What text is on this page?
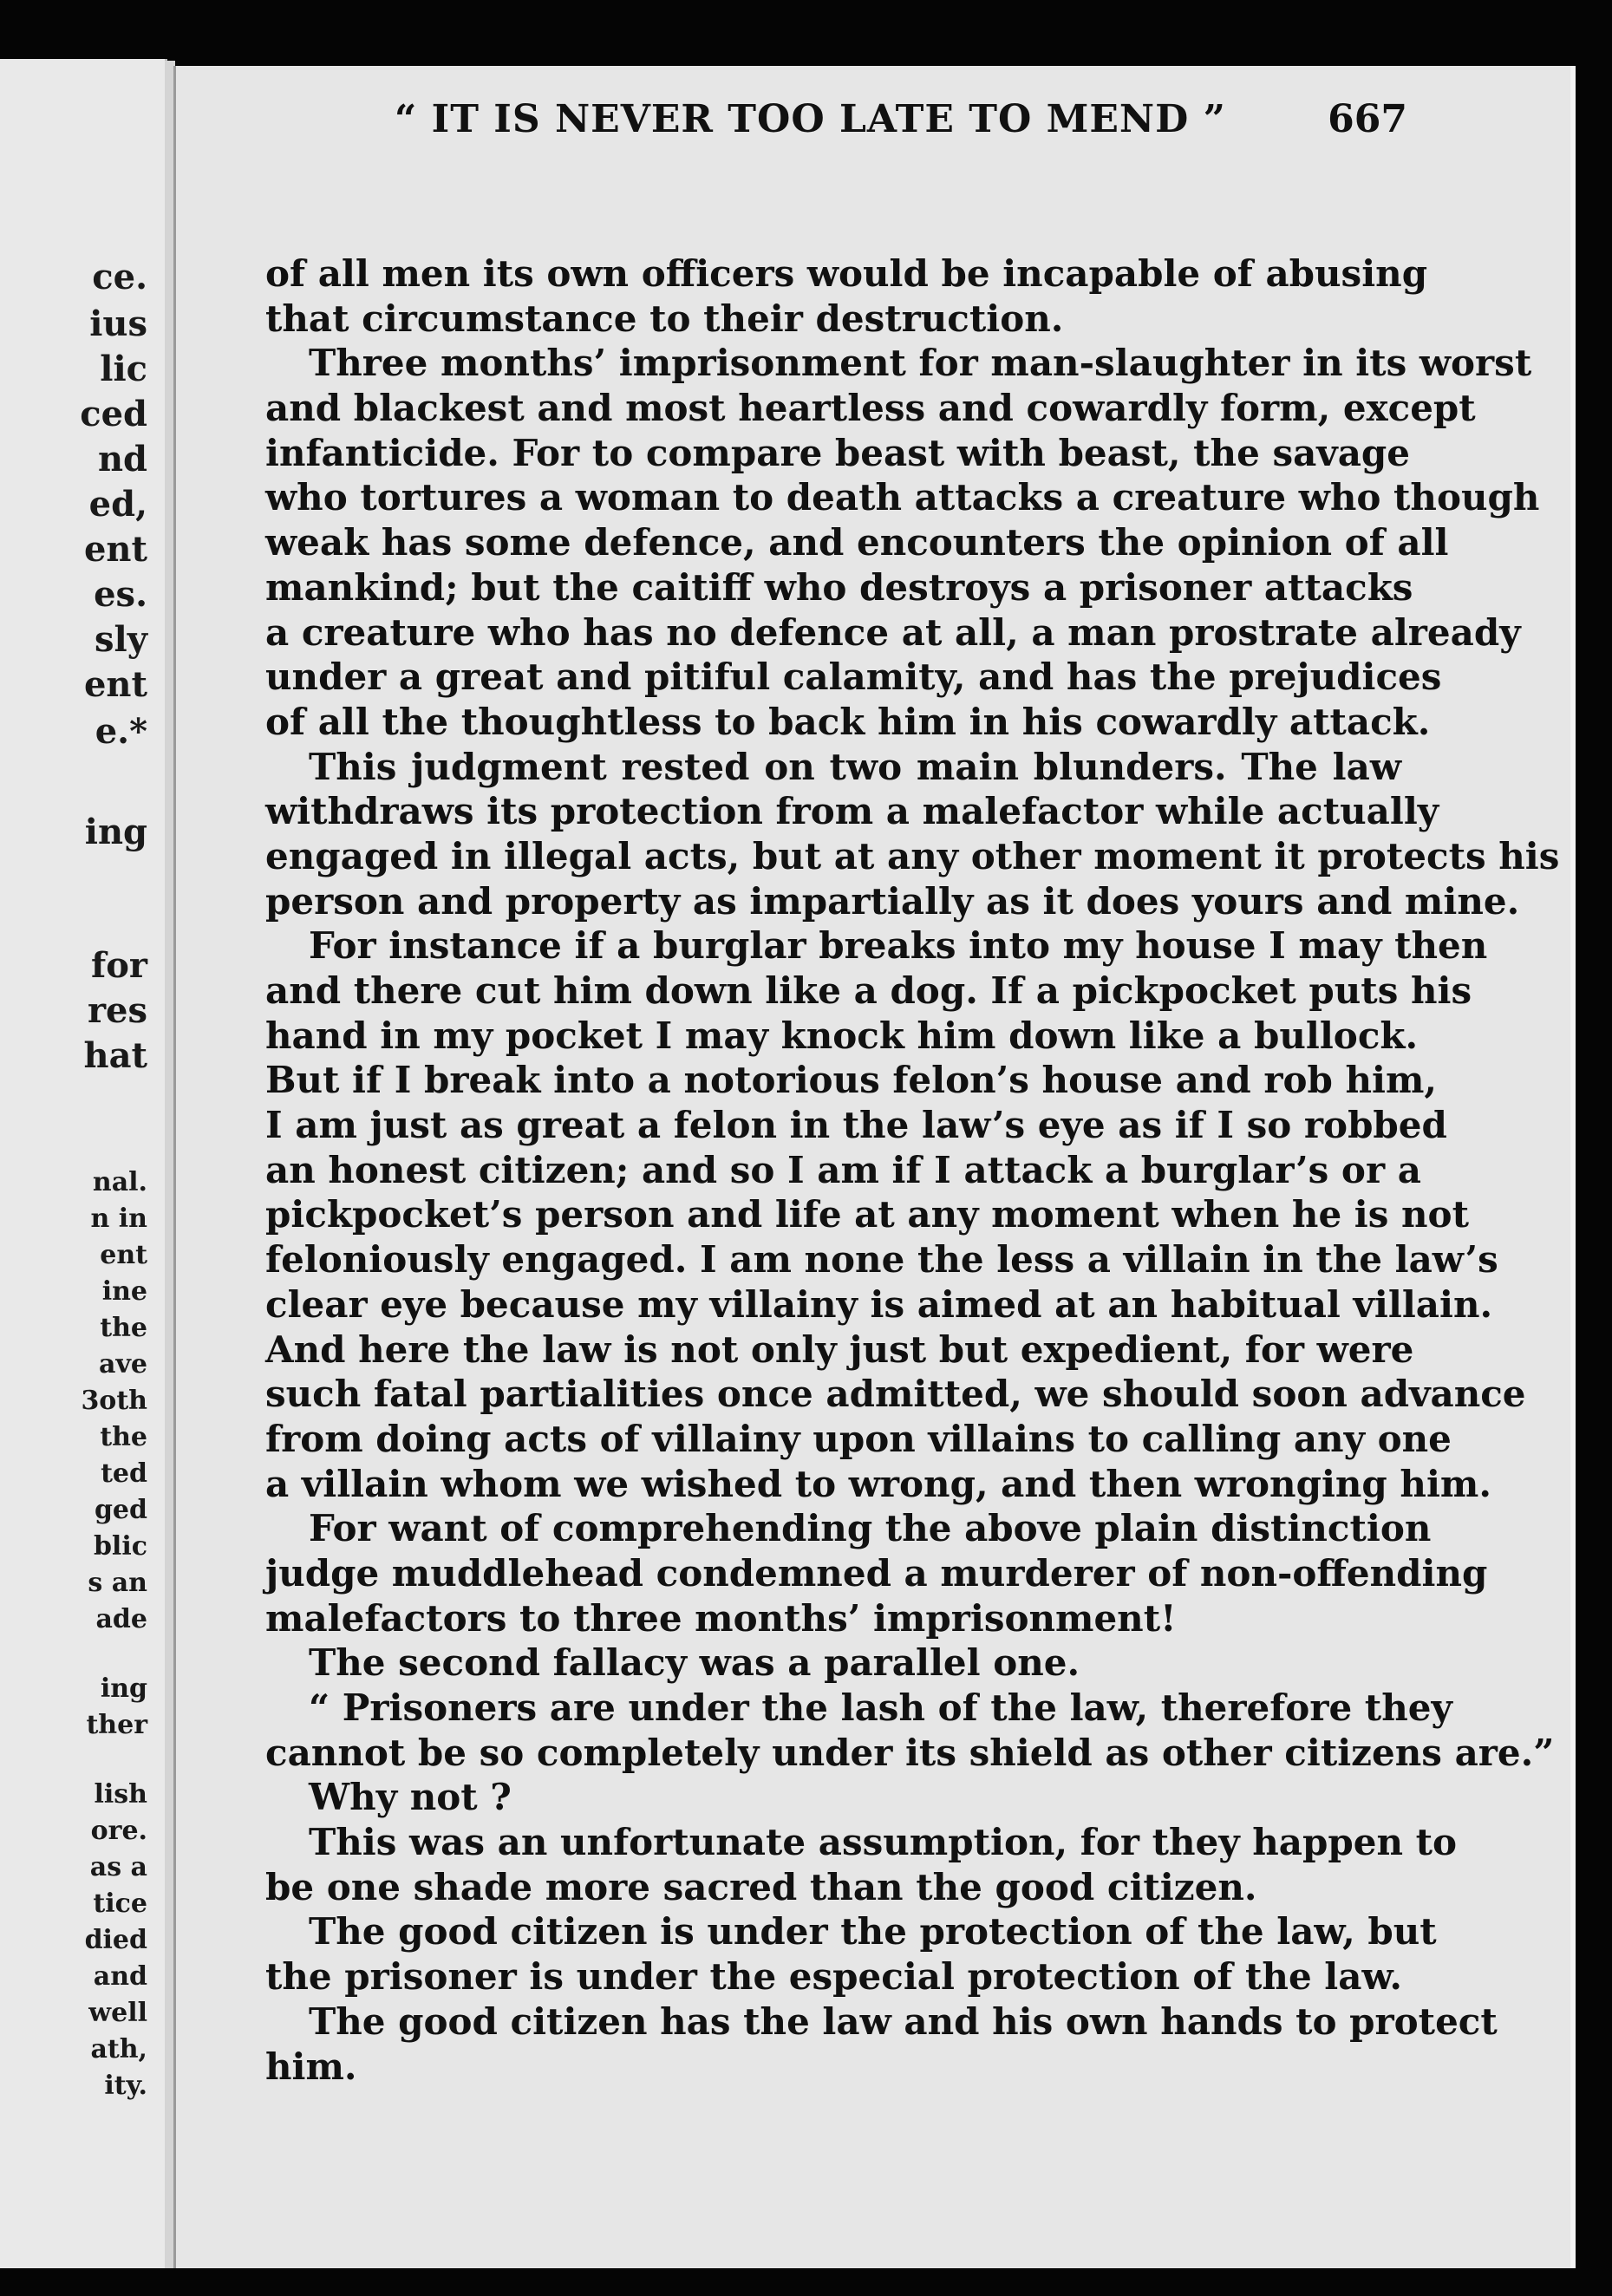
ce.
ius
lic
ced
nd
ed,
ent
es.
sly
ent
e.*
ing
for
res
hat
nal.
n in
ent
ine
the
ave
3oth
the
ted
ged
blic
s an
ade
ing
ther
lish
ore.
as a
tice
died
and
well
ath,
ity.
“ IT IS NEVER TOO LATE TO MEND ”	667
of all men its own officers would be incapable of abusing
that circumstance to their destruction.
Three months’ imprisonment for man-slaughter in its worst
and blackest and most heartless and cowardly form, except
infanticide. For to compare beast with beast, the savage
who tortures a woman to death attacks a creature who though
weak has some defence, and encounters the opinion of all
mankind; but the caitiff who destroys a prisoner attacks
a creature who has no defence at all, a man prostrate already
under a great and pitiful calamity, and has the prejudices
of all the thoughtless to back him in his cowardly attack.
This judgment rested on two main blunders. The law
withdraws its protection from a malefactor while actually
engaged in illegal acts, but at any other moment it protects his
person and property as impartially as it does yours and mine.
For instance if a burglar breaks into my house I may then
and there cut him down like a dog. If a pickpocket puts his
hand in my pocket I may knock him down like a bullock.
But if I break into a notorious felon’s house and rob him,
I am just as great a felon in the law’s eye as if I so robbed
an honest citizen; and so I am if I attack a burglar’s or a
pickpocket’s person and life at any moment when he is not
feloniously engaged. I am none the less a villain in the law’s
clear eye because my villainy is aimed at an habitual villain.
And here the law is not only just but expedient, for were
such fatal partialities once admitted, we should soon advance
from doing acts of villainy upon villains to calling any one
a villain whom we wished to wrong, and then wronging him.
For want of comprehending the above plain distinction
judge muddlehead condemned a murderer of non-offending
malefactors to three months’ imprisonment!
The second fallacy was a parallel one.
“ Prisoners are under the lash of the law, therefore they
cannot be so completely under its shield as other citizens are.”
Why not ?
This was an unfortunate assumption, for they happen to
be one shade more sacred than the good citizen.
The good citizen is under the protection of the law, but
the prisoner is under the especial protection of the law.
The good citizen has the law and his own hands to protect
him.
